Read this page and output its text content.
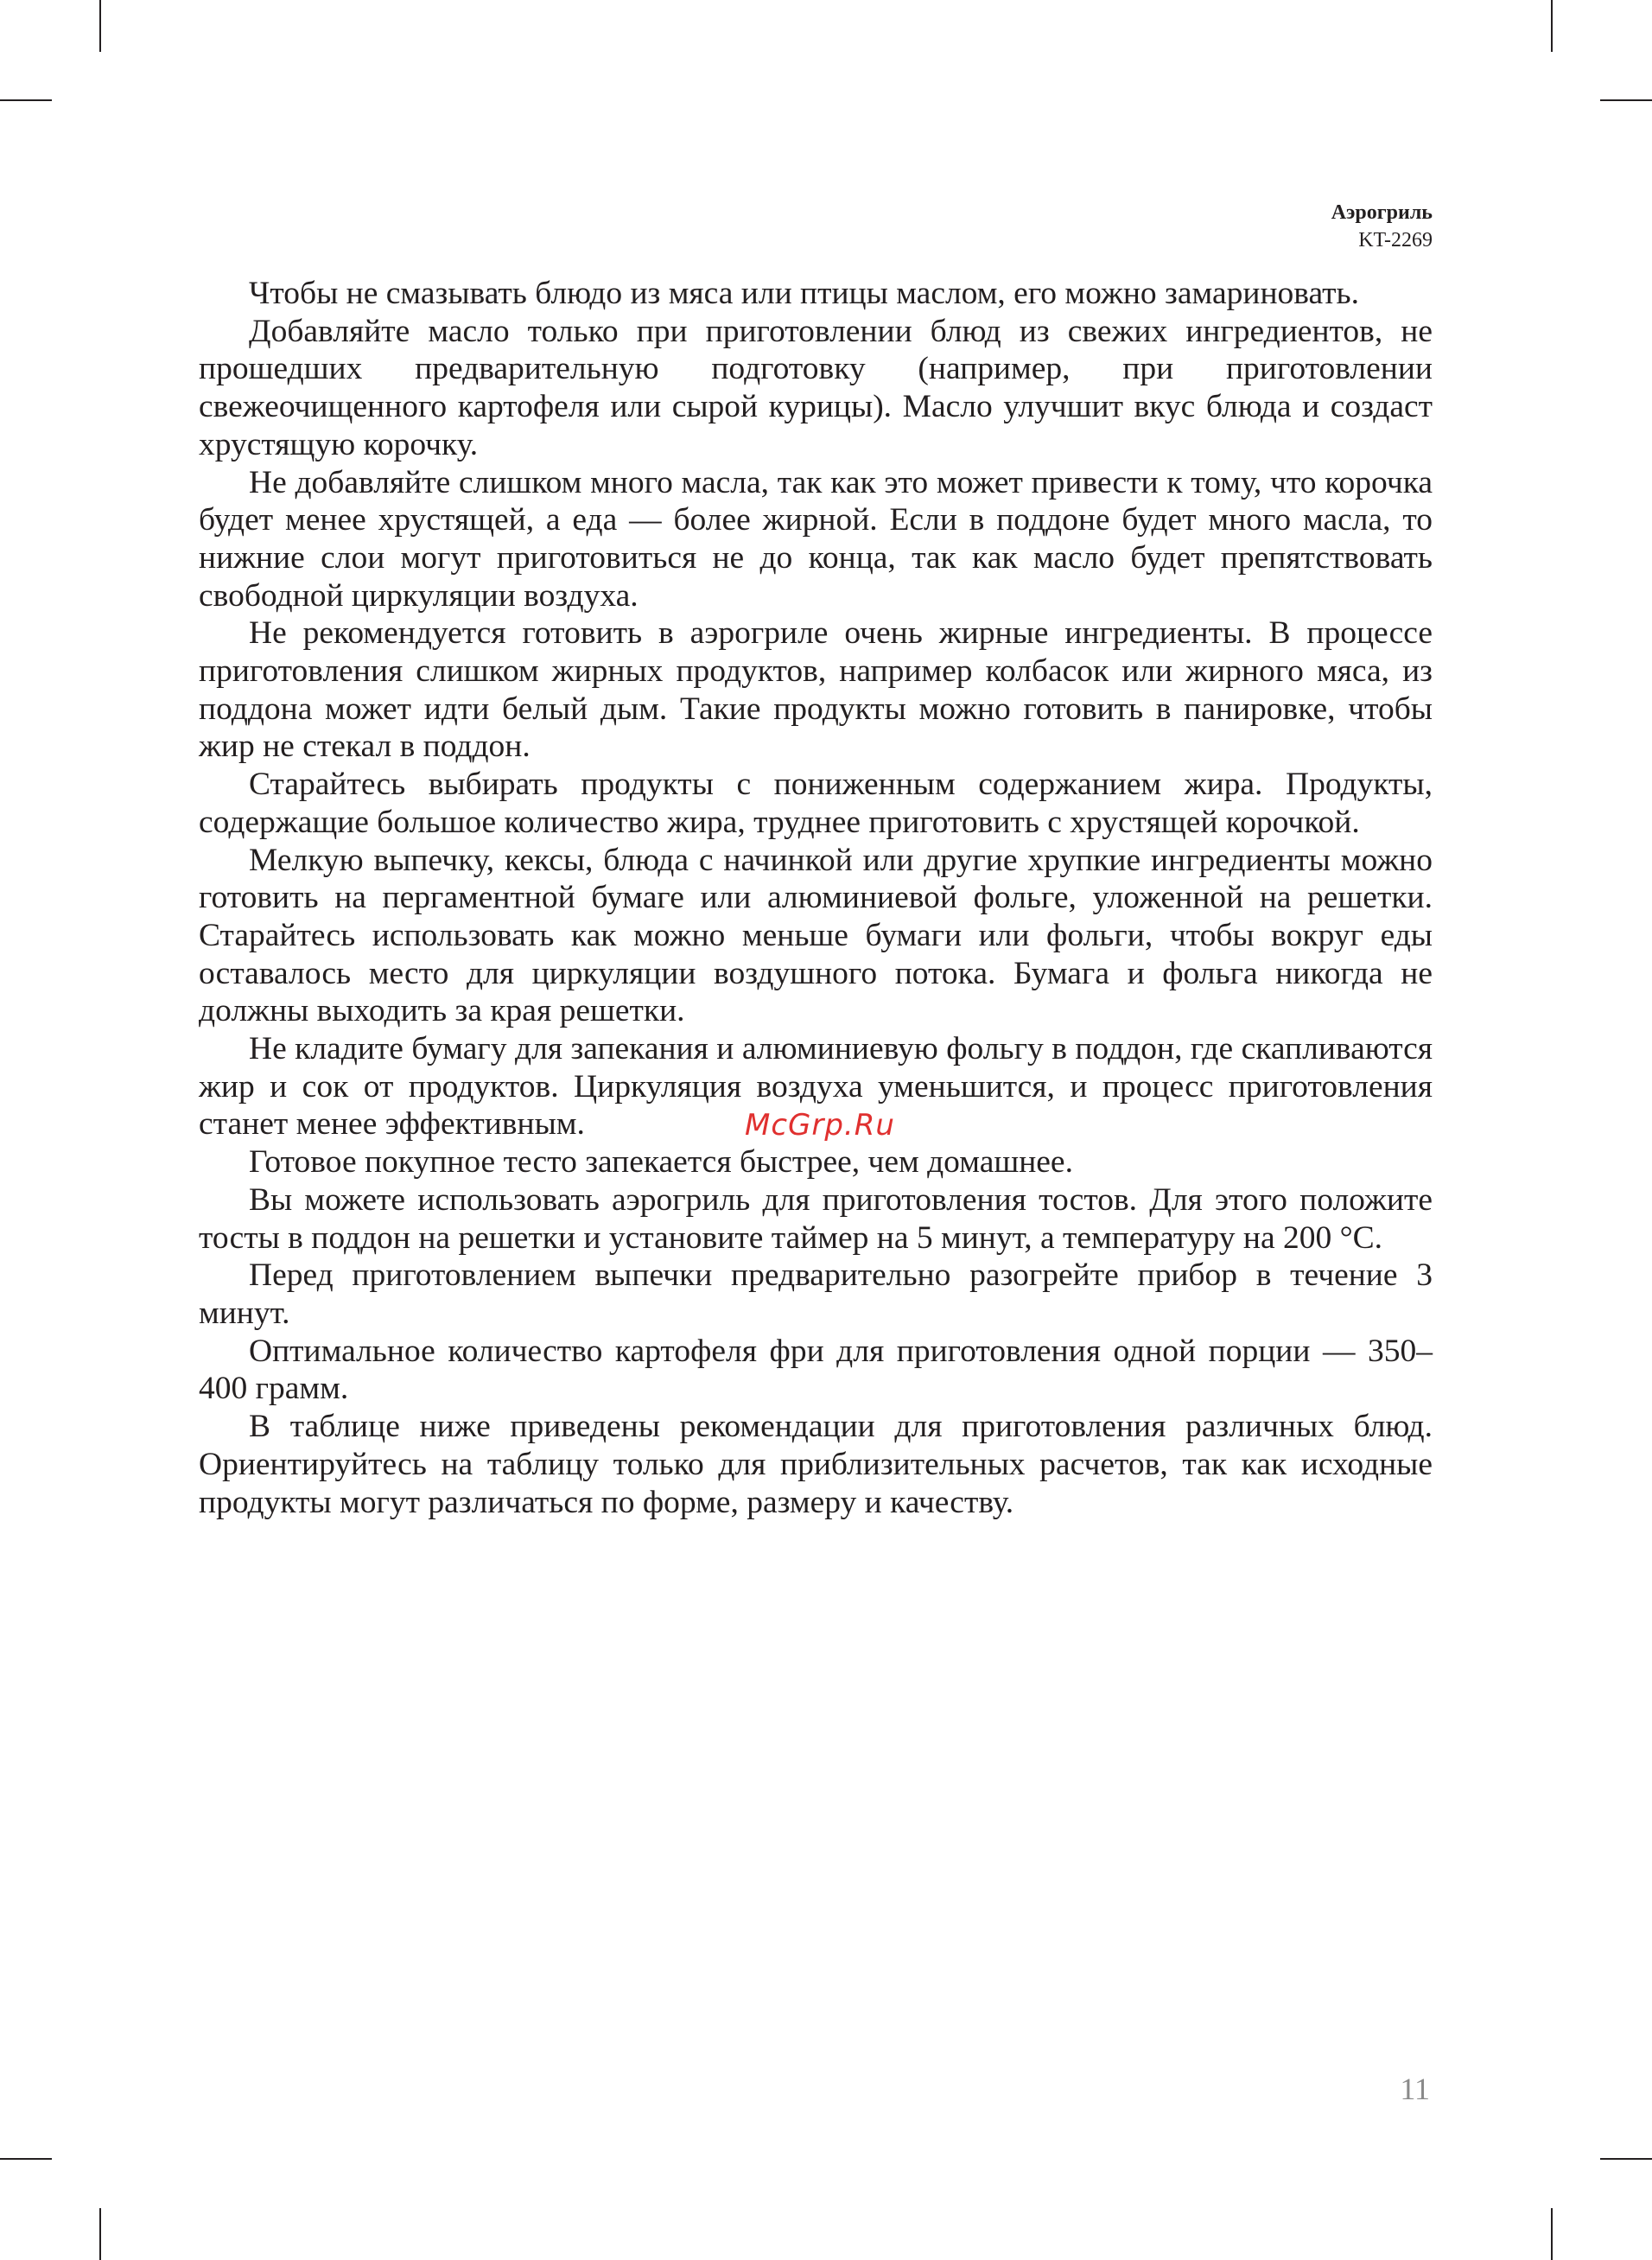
Аэрогриль
KT-2269

Чтобы не смазывать блюдо из мяса или птицы маслом, его можно замариновать.

Добавляйте масло только при приготовлении блюд из свежих ингредиентов, не прошедших предварительную подготовку (например, при приготовлении свежеочищенного картофеля или сырой курицы). Масло улучшит вкус блюда и создаст хрустящую корочку.

Не добавляйте слишком много масла, так как это может привести к тому, что корочка будет менее хрустящей, а еда — более жирной. Если в поддоне будет много масла, то нижние слои могут приготовиться не до конца, так как масло будет препятствовать свободной циркуляции воздуха.

Не рекомендуется готовить в аэрогриле очень жирные ингредиенты. В процессе приготовления слишком жирных продуктов, например колбасок или жирного мяса, из поддона может идти белый дым. Такие продукты можно готовить в панировке, чтобы жир не стекал в поддон.

Старайтесь выбирать продукты с пониженным содержанием жира. Продукты, содержащие большое количество жира, труднее приготовить с хрустящей корочкой.

Мелкую выпечку, кексы, блюда с начинкой или другие хрупкие ингредиенты можно готовить на пергаментной бумаге или алюминиевой фольге, уложенной на решетки. Старайтесь использовать как можно меньше бумаги или фольги, чтобы вокруг еды оставалось место для циркуляции воздушного потока. Бумага и фольга никогда не должны выходить за края решетки.

Не кладите бумагу для запекания и алюминиевую фольгу в поддон, где скапливаются жир и сок от продуктов. Циркуляция воздуха уменьшится, и процесс приготовления станет менее эффективным.

Готовое покупное тесто запекается быстрее, чем домашнее.

Вы можете использовать аэрогриль для приготовления тостов. Для этого положите тосты в поддон на решетки и установите таймер на 5 минут, а температуру на 200 °С.

Перед приготовлением выпечки предварительно разогрейте прибор в течение 3 минут.

Оптимальное количество картофеля фри для приготовления одной порции — 350–400 грамм.

В таблице ниже приведены рекомендации для приготовления различных блюд. Ориентируйтесь на таблицу только для приблизительных расчетов, так как исходные продукты могут различаться по форме, размеру и качеству.

McGrp.Ru
11
